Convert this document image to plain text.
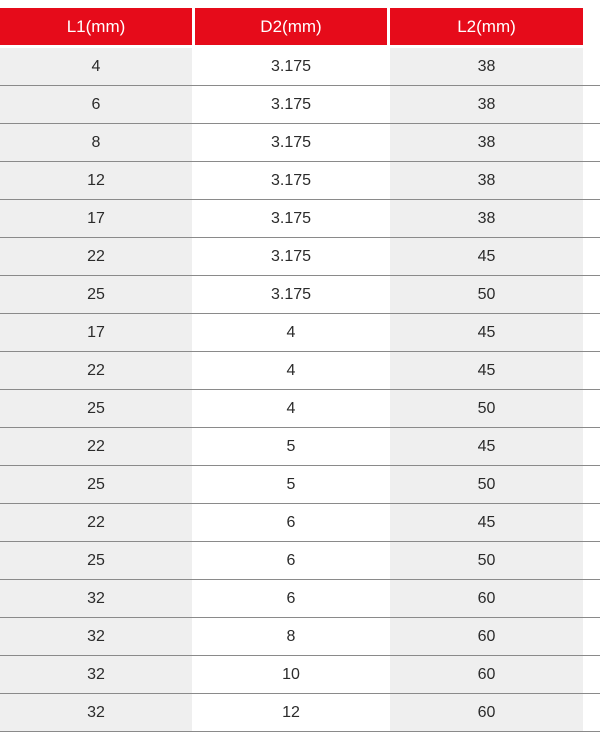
L1(mm)	D2(mm)	L2(mm)
4	3.175	38
6	3.175	38
8	3.175	38
12	3.175	38
17	3.175	38
22	3.175	45
25	3.175	50
17	4	45
22	4	45
25	4	50
22	5	45
25	5	50
22	6	45
25	6	50
32	6	60
32	8	60
32	10	60
32	12	60
